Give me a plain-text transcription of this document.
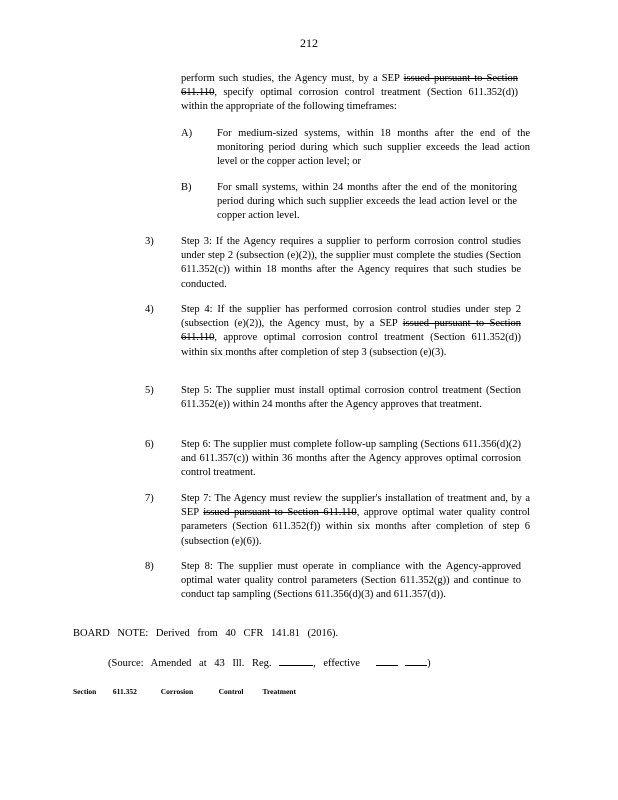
212

perform such studies, the Agency must, by a SEP issued pursuant to Section 611.110, specify optimal corrosion control treatment (Section 611.352(d)) within the appropriate of the following timeframes:

A) For medium-sized systems, within 18 months after the end of the monitoring period during which such supplier exceeds the lead action level or the copper action level; or

B) For small systems, within 24 months after the end of the monitoring period during which such supplier exceeds the lead action level or the copper action level.

3)	Step 3: If the Agency requires a supplier to perform corrosion control studies under step 2 (subsection (e)(2)), the supplier must complete the studies (Section 611.352(c)) within 18 months after the Agency requires that such studies be conducted.

4)	Step 4: If the supplier has performed corrosion control studies under step 2 (subsection (e)(2)), the Agency must, by a SEP issued pursuant to Section 611.110, approve optimal corrosion control treatment (Section 611.352(d)) within six months after completion of step 3 (subsection (e)(3).

5)	Step 5: The supplier must install optimal corrosion control treatment (Section 611.352(e)) within 24 months after the Agency approves that treatment.

6)	Step 6: The supplier must complete follow-up sampling (Sections 611.356(d)(2) and 611.357(c)) within 36 months after the Agency approves optimal corrosion control treatment.

7)	Step 7: The Agency must review the supplier's installation of treatment and, by a SEP issued pursuant to Section 611.110, approve optimal water quality control parameters (Section 611.352(f)) within six months after completion of step 6 (subsection (e)(6)).

8)	Step 8: The supplier must operate in compliance with the Agency-approved optimal water quality control parameters (Section 611.352(g)) and continue to conduct tap sampling (Sections 611.356(d)(3) and 611.357(d)).

BOARD NOTE: Derived from 40 CFR 141.81 (2016).
(Source: Amended at 43 Ill. Reg.	, effective	)
Section 611.352	Corrosion	Control	Treatment
